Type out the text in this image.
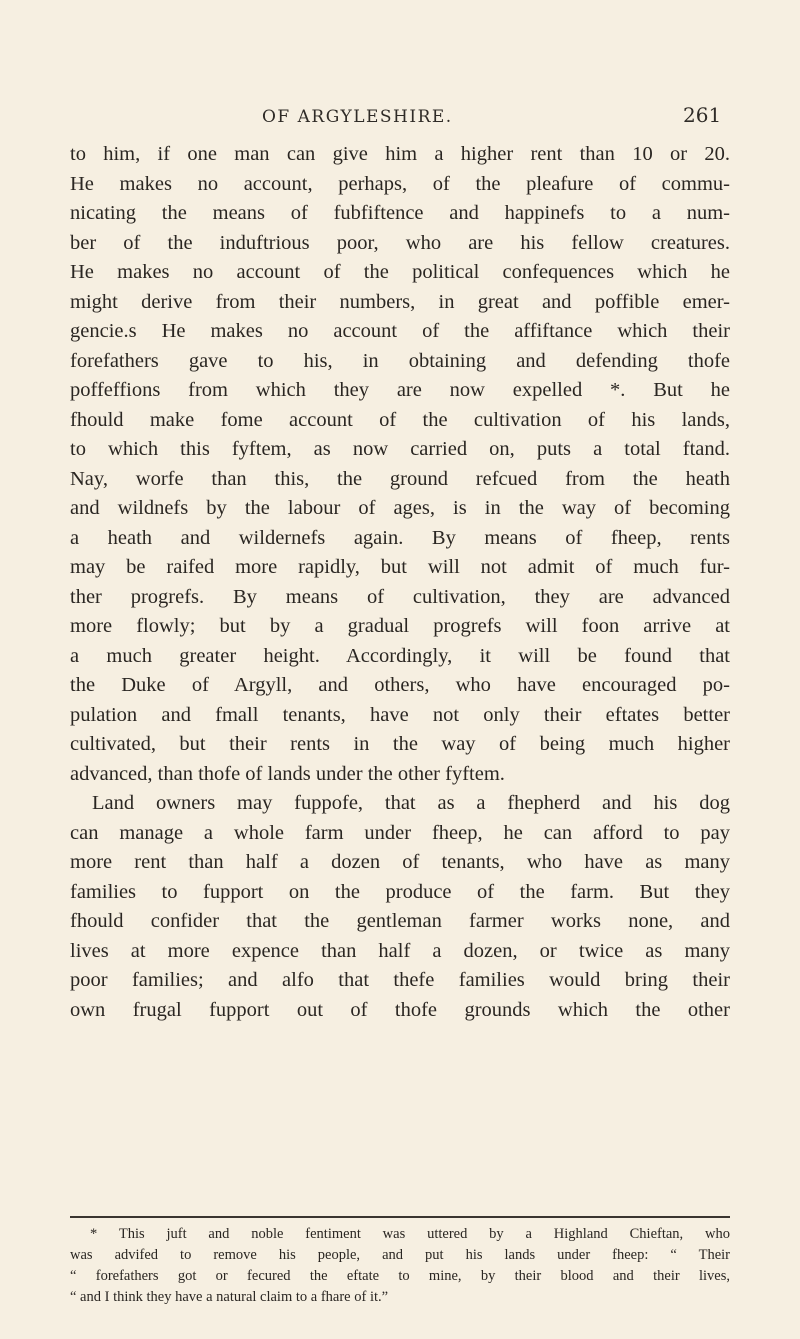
OF ARGYLESHIRE.	261
to him, if one man can give him a higher rent than 10 or 20.
He makes no account, perhaps, of the pleafure of commu-
nicating the means of fubfiftence and happinefs to a num-
ber of the induftrious poor, who are his fellow creatures.
He makes no account of the political confequences which he
might derive from their numbers, in great and poffible emer-
gencie.s He makes no account of the affiftance which their
forefathers gave to his, in obtaining and defending thofe
poffeffions from which they are now expelled *. But he
fhould make fome account of the cultivation of his lands,
to which this fyftem, as now carried on, puts a total ftand.
Nay, worfe than this, the ground refcued from the heath
and wildnefs by the labour of ages, is in the way of becoming
a heath and wildernefs again. By means of fheep, rents
may be raifed more rapidly, but will not admit of much fur-
ther progrefs. By means of cultivation, they are advanced
more flowly; but by a gradual progrefs will foon arrive at
a much greater height. Accordingly, it will be found that
the Duke of Argyll, and others, who have encouraged po-
pulation and fmall tenants, have not only their eftates better
cultivated, but their rents in the way of being much higher
advanced, than thofe of lands under the other fyftem.
Land owners may fuppofe, that as a fhepherd and his dog
can manage a whole farm under fheep, he can afford to pay
more rent than half a dozen of tenants, who have as many
families to fupport on the produce of the farm. But they
fhould confider that the gentleman farmer works none, and
lives at more expence than half a dozen, or twice as many
poor families; and alfo that thefe families would bring their
own frugal fupport out of thofe grounds which the other
* This juft and noble fentiment was uttered by a Highland Chieftan, who
was advifed to remove his people, and put his lands under fheep: “ Their
“ forefathers got or fecured the eftate to mine, by their blood and their lives,
“ and I think they have a natural claim to a fhare of it.”
